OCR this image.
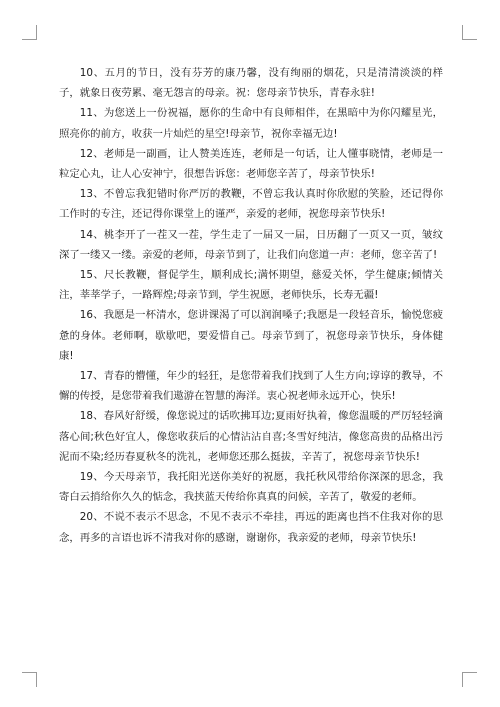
10、五月的节日，没有芬芳的康乃馨，没有绚丽的烟花，只是清清淡淡的样子，就象日夜劳累、毫无怨言的母亲。祝：您母亲节快乐，青春永驻!

11、为您送上一份祝福，愿你的生命中有良师相伴，在黑暗中为你闪耀星光，照亮你的前方，收获一片灿烂的星空!母亲节，祝你幸福无边!

12、老师是一副画，让人赞美连连，老师是一句话，让人懂事晓情，老师是一粒定心丸，让人心安神宁，很想告诉您：老师您辛苦了，母亲节快乐!

13、不曾忘我犯错时你严厉的教鞭，不曾忘我认真时你欣慰的笑脸，还记得你工作时的专注，还记得你课堂上的谨严，亲爱的老师，祝您母亲节快乐!

14、桃李开了一茬又一茬，学生走了一届又一届，日历翻了一页又一页，皱纹深了一缕又一缕。亲爱的老师，母亲节到了，让我们向您道一声：老师，您辛苦了!

15、尺长教鞭，督促学生，顺利成长;满怀期望，慈爱关怀，学生健康;倾情关注，莘莘学子，一路辉煌;母亲节到，学生祝愿，老师快乐，长寿无疆!

16、我愿是一杯清水，您讲课渴了可以润润嗓子;我愿是一段轻音乐，愉悦您疲惫的身体。老师啊，歇歇吧，要爱惜自己。母亲节到了，祝您母亲节快乐，身体健康!

17、青春的懵懂，年少的轻狂，是您带着我们找到了人生方向;谆谆的教导，不懈的传授，是您带着我们遨游在智慧的海洋。衷心祝老师永远开心，快乐!

18、春风好舒缓，像您说过的话吹拂耳边;夏雨好执着，像您温暖的严厉轻轻滴落心间;秋色好宜人，像您收获后的心情沾沾自喜;冬雪好纯洁，像您高贵的品格出污泥而不染;经历春夏秋冬的洗礼，老师您还那么挺拔，辛苦了，祝您母亲节快乐!

19、今天母亲节，我托阳光送你美好的祝愿，我托秋风带给你深深的思念，我寄白云捎给你久久的惦念，我挟蓝天传给你真真的问候，辛苦了，敬爱的老师。

20、不说不表示不思念，不见不表示不牵挂，再远的距离也挡不住我对你的思念，再多的言语也诉不清我对你的感谢，谢谢你，我亲爱的老师，母亲节快乐!
